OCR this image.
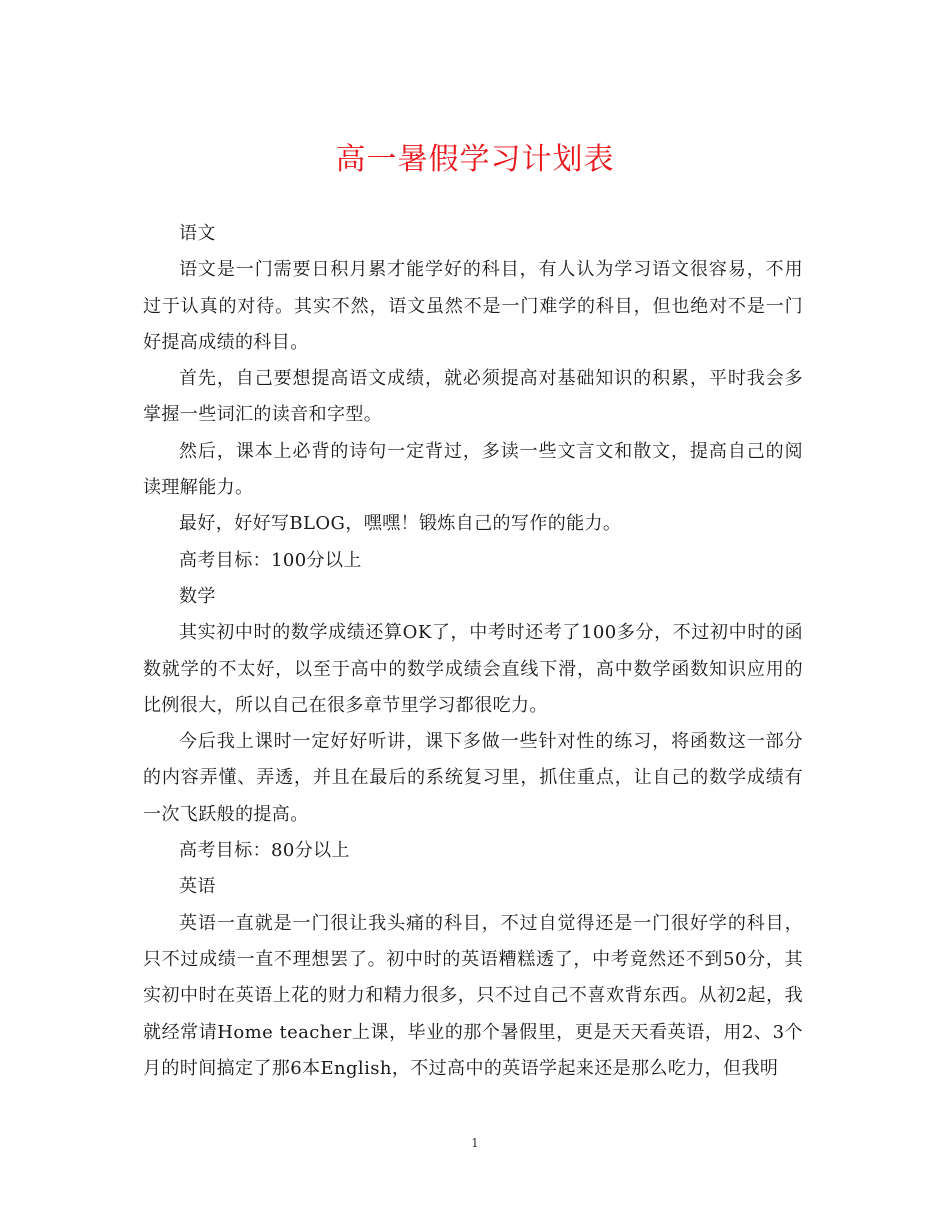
高一暑假学习计划表

语文

语文是一门需要日积月累才能学好的科目，有人认为学习语文很容易，不用过于认真的对待。其实不然，语文虽然不是一门难学的科目，但也绝对不是一门好提高成绩的科目。

首先，自己要想提高语文成绩，就必须提高对基础知识的积累，平时我会多掌握一些词汇的读音和字型。

然后，课本上必背的诗句一定背过，多读一些文言文和散文，提高自己的阅读理解能力。

最好，好好写BLOG，嘿嘿！锻炼自己的写作的能力。

高考目标：100分以上

数学

其实初中时的数学成绩还算OK了，中考时还考了100多分，不过初中时的函数就学的不太好，以至于高中的数学成绩会直线下滑，高中数学函数知识应用的比例很大，所以自己在很多章节里学习都很吃力。

今后我上课时一定好好听讲，课下多做一些针对性的练习，将函数这一部分的内容弄懂、弄透，并且在最后的系统复习里，抓住重点，让自己的数学成绩有一次飞跃般的提高。

高考目标：80分以上

英语

英语一直就是一门很让我头痛的科目，不过自觉得还是一门很好学的科目，只不过成绩一直不理想罢了。初中时的英语糟糕透了，中考竟然还不到50分，其实初中时在英语上花的财力和精力很多，只不过自己不喜欢背东西。从初2起，我就经常请Home teacher上课，毕业的那个暑假里，更是天天看英语，用2、3个月的时间搞定了那6本English，不过高中的英语学起来还是那么吃力，但我明

1
